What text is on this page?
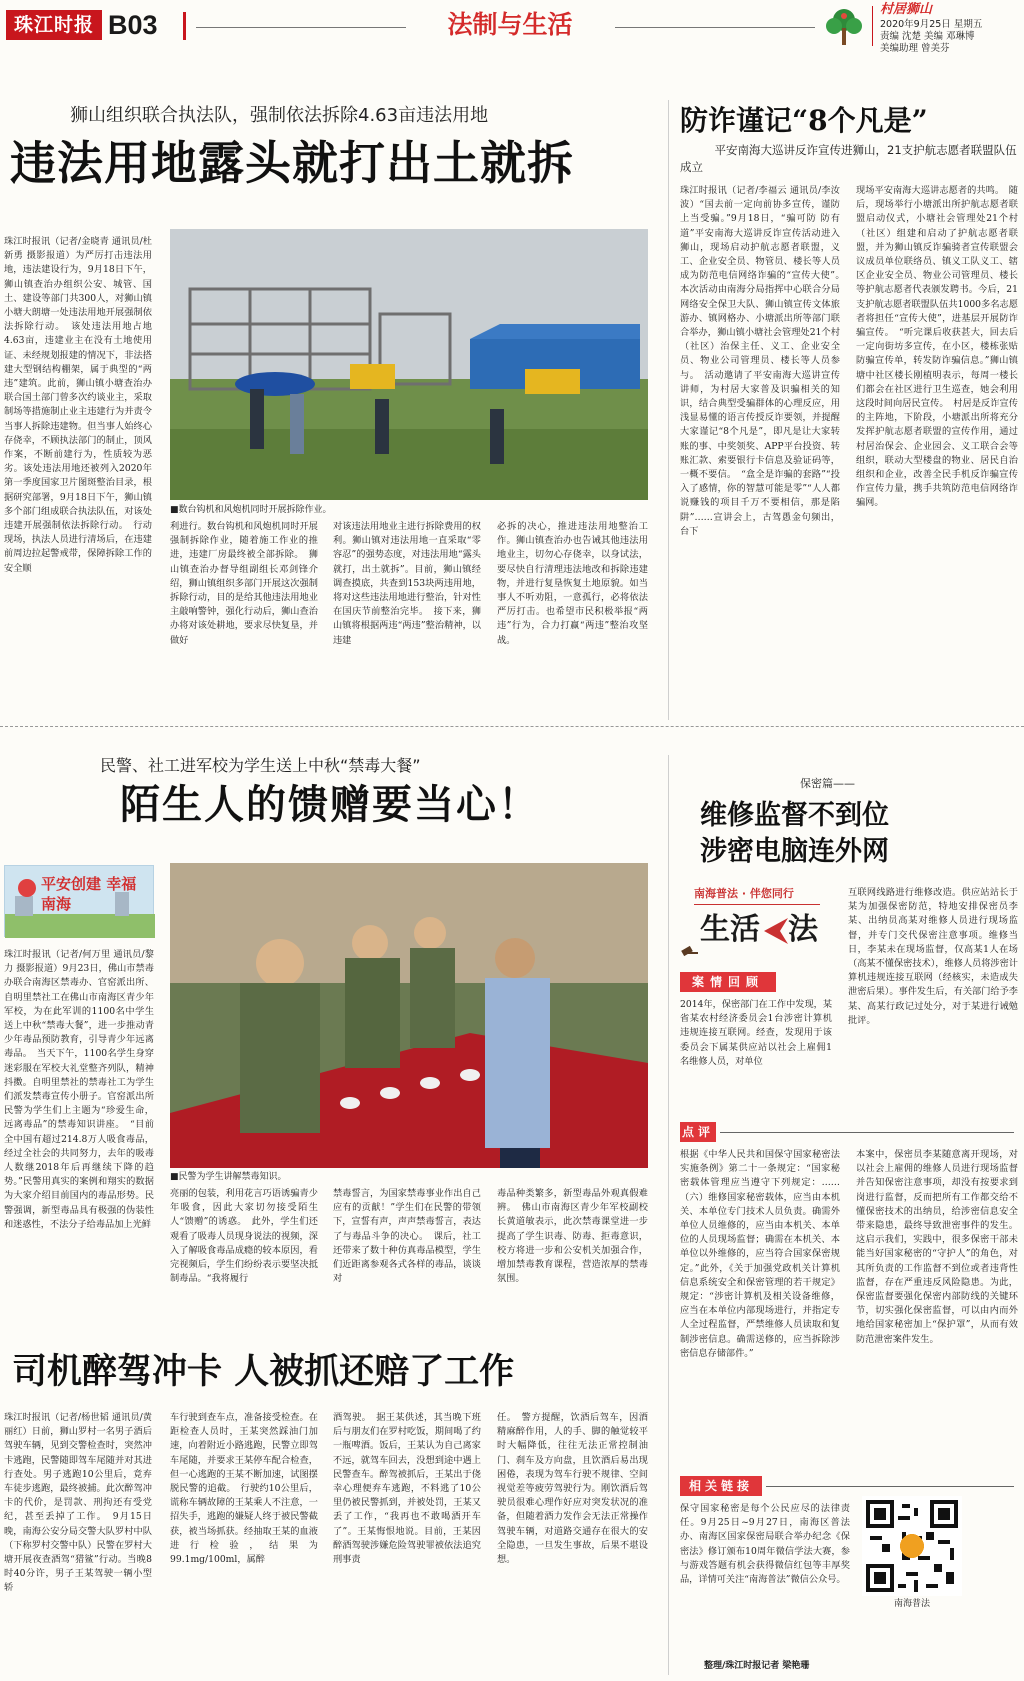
珠江时报 B03	法制与生活
村居狮山
2020年9月25日 星期五
责编 沈楚 美编 邓琳博
美编助理 曾美芬
狮山组织联合执法队，强制依法拆除4.63亩违法用地
违法用地露头就打出土就拆
珠江时报讯（记者/金晓青 通讯员/杜新勇 摄影报道）为严厉打击违法用地，违法建设行为，9月18日下午，狮山镇查治办组织公安、城管、国土、建设等部门共300人，对狮山镇小塘大朗塘一处违法用地开展强制依法拆除行动。　该处违法用地占地4.63亩，违建业主在没有土地使用证、未经规划报建的情况下，非法搭建大型钢结构棚架，属于典型的“两违”建筑。此前，狮山镇小塘查治办联合国土部门曾多次约谈业主，采取制场等措施制止业主违建行为并责令当事人拆除违建物。但当事人始终心存侥幸，不顾执法部门的制止，顶风作案，不断前建行为，性质较为恶劣。该处违法用地还被列入2020年第一季度国家卫片图斑整治目录，根据研究部署，9月18日下午，狮山镇多个部门组成联合执法队伍，对该处违建开展强制依法拆除行动。　行动现场，执法人员进行清场后，在违建前周边拉起警戒带，保障拆除工作的安全顺
■数台钩机和风炮机同时开展拆除作业。
利进行。数台钩机和风炮机同时开展强制拆除作业，随着施工作业的推进，违建厂房最终被全部拆除。　狮山镇查治办督导组副组长邓剑锋介绍，狮山镇组织多部门开展这次强制拆除行动，目的是给其他违法用地业主敲响警钟，强化行动后，狮山查治办将对该处耕地，要求尽快复垦，并做好
对该违法用地业主进行拆除费用的权利。狮山镇对违法用地一直采取“零容忍”的强势态度，对违法用地“露头就打，出土就拆”。目前，狮山镇经调查摸底，共查到153块两违用地，将对这些违法用地进行整治，针对性在国庆节前整治完毕。　接下来，狮山镇将根据两违“两违”整治精神，以违建
必拆的决心，推进违法用地整治工作。狮山镇查治办也告诫其他违法用地业主，切勿心存侥幸，以身试法，要尽快自行清理违法地改和拆除违建物，并进行复垦恢复土地原貌。如当事人不听劝阻，一意孤行，必将依法严厉打击。也希望市民积极举报“两违”行为，合力打赢“两违”整治攻坚战。
防诈谨记“8个凡是”
平安南海大巡讲反诈宣传进狮山，21支护航志愿者联盟队伍成立
珠江时报讯（记者/李福云 通讯员/李汝波）“国去前一定向前协多宣传，谨防上当受骗。”9月18日，“骗可防 防有道”平安南海大巡讲反诈宣传活动进入狮山，现场启动护航志愿者联盟，义工、企业安全员、物管员、楼长等人员成为防范电信网络诈骗的“宣传大使”。　本次活动由南海分局指挥中心联合分局网络安全保卫大队、狮山镇宣传文体旅游办、镇网格办、小塘派出所等部门联合举办，狮山镇小塘社会管理处21个村（社区）治保主任、义工、企业安全员、物业公司管理员、楼长等人员参与。　活动邀请了平安南海大巡讲宣传讲师，为村居大家普及识骗相关的知识，结合典型受骗群体的心理反应，用浅显易懂的语言传授反诈要领，并提醒大家谨记“8个凡是”，即凡是让大家转账的事、中奖领奖、APP平台投资、转账汇款、索要银行卡信息及验证码等，一概不要信。　“盒全是诈骗的套路”“投入了感情，你的智慧可能是零”“人人都说赚钱的项目千万不要相信，那是陷阱”……宣讲会上，古驾愚金句频出，台下
现场平安南海大巡讲志愿者的共鸣。　随后，现场举行小塘派出所护航志愿者联盟启动仪式，小塘社会管理处21个村（社区）组建和启动了护航志愿者联盟，并为狮山镇反诈骗骑者宣传联盟会议成员单位联络员、镇义工队义工、辖区企业安全员、物业公司管理员、楼长等护航志愿者代表颁发聘书。今后，21支护航志愿者联盟队伍共1000多名志愿者将担任“宣传大使”，进基层开展防诈骗宣传。　“听完课后收获甚大，回去后一定向街坊多宣传，在小区，楼栋张贴防骗宣传单，转发防诈骗信息。”狮山镇塘中社区楼长刚植明表示，每周一楼长们都会在社区进行卫生巡查，她会利用这段时间向居民宣传。　村居是反诈宣传的主阵地，下阶段，小塘派出所将充分发挥护航志愿者联盟的宣传作用，通过村居治保会、企业园会、义工联合会等组织，联动大型楼盘的物业、居民自治组织和企业，改善全民手机反诈骗宣传作宣传力量，携手共筑防范电信网络诈骗网。
民警、社工进军校为学生送上中秋“禁毒大餐”
陌生人的馈赠要当心！
平安创建 幸福南海
珠江时报讯（记者/何万里 通讯员/黎力 摄影报道）9月23日，佛山市禁毒办联合南海区禁毒办、官窑派出所、自明里禁社工在佛山市南海区青少年军校，为在此军训的1100名中学生送上中秋“禁毒大餐”，进一步推动青少年毒品预防教育，引导青少年远离毒品。　当天下午，1100名学生身穿迷彩服在军校大礼堂整齐列队，精神抖擞。自明里禁社的禁毒社工为学生们派发禁毒宣传小册子。官窑派出所民警为学生们上主题为“珍爱生命，远离毒品”的禁毒知识讲座。　“目前全中国有超过214.8万人吸食毒品，经过全社会的共同努力，去年的吸毒人数继2018年后再继续下降的趋势。”民警用真实的案例和翔实的数据为大家介绍目前国内的毒品形势。民警强调，新型毒品具有极强的伪装性和迷惑性，不法分子给毒品加上光鲜
■民警为学生讲解禁毒知识。
亮丽的包装，利用花言巧语诱骗青少年吸食，因此大家切勿接受陌生人“馈赠”的诱惑。　此外，学生们还观看了吸毒人员现身说法的视频，深入了解吸食毒品成瘾的较本原因，看完视频后，学生们纷纷表示要坚决抵制毒品。“我将履行
禁毒誓言，为国家禁毒事业作出自己应有的贡献！”学生们在民警的带领下，宣誓有声，声声禁毒誓言，表达了与毒品斗争的决心。　课后，社工还带来了数十种仿真毒品模型，学生们近距离参观各式各样的毒品，谈谈对
毒品种类繁多，新型毒品外观真假难辨。　佛山市南海区青少年军校副校长黄道敏表示，此次禁毒课堂进一步提高了学生识毒、防毒、拒毒意识，校方将进一步和公安机关加强合作，增加禁毒教育课程，营造浓厚的禁毒氛围。
保密篇——
维修监督不到位
涉密电脑连外网
南海普法 · 伴您同行
生活 法
案情回顾
2014年，保密部门在工作中发现，某省某农村经济委员会1台涉密计算机违规连接互联网。经查，发现用于该委员会下属某供应站以社会上雇佣1名维修人员，对单位
互联网线路进行维修改造。供应站站长于某为加强保密防范，特地安排保密员李某、出纳员高某对维修人员进行现场监督，并专门交代保密注意事项。维修当日，李某未在现场监督，仅高某1人在场（高某不懂保密技术），维修人员将涉密计算机违规连接互联网（经核实，未造成失泄密后果）。事件发生后，有关部门给予李某、高某行政记过处分，对于某进行诫勉批评。
点评
根据《中华人民共和国保守国家秘密法实施条例》第二十一条规定：“国家秘密载体管理应当遵守下列规定：……（六）维修国家秘密载体，应当由本机关、本单位专门技术人员负责。确需外单位人员维修的，应当由本机关、本单位的人员现场监督；确需在本机关、本单位以外维修的，应当符合国家保密规定。”此外，《关于加强党政机关计算机信息系统安全和保密管理的若干规定》规定：“涉密计算机及相关设备维修，应当在本单位内部现场进行，并指定专人全过程监督，严禁维修人员读取和复制涉密信息。确需送修的，应当拆除涉密信息存储部件。”
本案中，保密员李某随意离开现场，对以社会上雇佣的维修人员进行现场监督并告知保密注意事项，却没有按要求到岗进行监督，反而把所有工作都交给不懂保密技术的出纳员，给涉密信息安全带来隐患，最终导致泄密事件的发生。这启示我们，实践中，很多保密干部未能当好国家秘密的“守护人”的角色，对其所负责的工作监督不到位或者违背性监督，存在严重违反风险隐患。为此，保密监督要强化保密内部防线的关键环节，切实强化保密监督，可以由内而外地给国家秘密加上“保护罩”，从而有效防范泄密案件发生。
相关链接
保守国家秘密是每个公民应尽的法律责任。9月25日~9月27日，南海区普法办、南海区国家保密局联合举办纪念《保密法》修订颁布10周年微信学法大赛，参与游戏答题有机会获得微信红包等丰厚奖品，详情可关注“南海普法”微信公众号。
整理/珠江时报记者 梁艳珊
南海普法
司机醉驾冲卡 人被抓还赔了工作
珠江时报讯（记者/杨世韬 通讯员/黄丽红）日前，狮山罗村一名男子酒后驾驶车辆，见到交警检查时，突然冲卡逃跑，民警随即驾车尾随并对其进行查处。男子逃跑10公里后，竟弃车徒步逃跑，最终被捕。此次醉驾冲卡的代价，是罚款、刑拘还有受党纪，甚至丢掉了工作。　9月15日晚，南海公安分局交警大队罗村中队（下称罗村交警中队）民警在罗村大塘开展夜查酒驾“猎鲨”行动。当晚8时40分许，男子王某驾驶一辆小型轿
车行驶到查车点，准备接受检查。在距检查人员时，王某突然踩油门加速，向着附近小路逃跑，民警立即驾车尾随，并要求王某停车配合检查，但一心逃跑的王某不断加速，试图摆脱民警的追截。　行驶约10公里后，谎称车辆故障的王某乘人不注意，一招失手，逃跑的嫌疑人终于被民警截获，被当场抓获。经抽取王某的血液进行检验，结果为99.1mg/100ml，属醉
酒驾驶。　据王某供述，其当晚下班后与朋友们在罗村吃饭，期间喝了约一瓶啤酒。饭后，王某认为自己离家不远，就驾车回去，没想到途中遇上民警查车。醉驾被抓后，王某出于侥幸心理便弃车逃跑，不料逃了10公里仍被民警抓到，并被处罚，王某又丢了工作，“我再也不敢喝酒开车了”。王某悔恨地说。目前，王某因醉酒驾驶涉嫌危险驾驶罪被依法追究刑事责
任。　警方提醒，饮酒后驾车，因酒精麻醉作用，人的手、脚的触觉较平时大幅降低，往往无法正常控制油门、刹车及方向盘，且饮酒后易出现困倦，表现为驾车行驶不规律、空间视觉差等疲劳驾驶行为。刚饮酒后驾驶员很难心理作好应对突发状况的准备，但随着酒力发作会无法正常操作驾驶车辆，对道路交通存在很大的安全隐患，一旦发生事故，后果不堪设想。
